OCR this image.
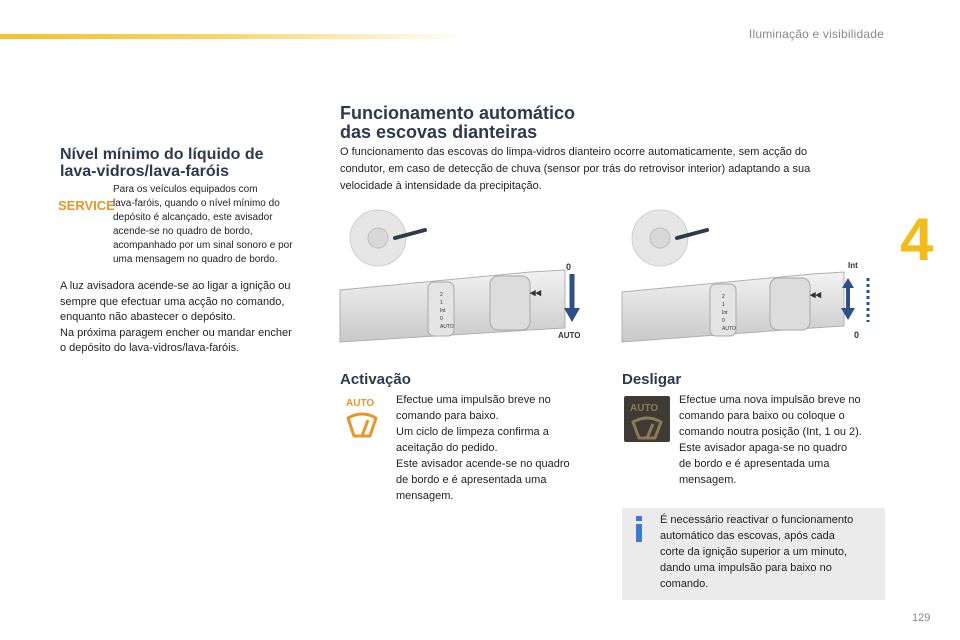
Iluminação e visibilidade
4
129
Nível mínimo do líquido de
lava-vidros/lava-faróis
SERVICE
Para os veículos equipados com
lava-faróis, quando o nível mínimo do
depósito é alcançado, este avisador
acende-se no quadro de bordo,
acompanhado por um sinal sonoro e por
uma mensagem no quadro de bordo.
A luz avisadora acende-se ao ligar a ignição ou
sempre que efectuar uma acção no comando,
enquanto não abastecer o depósito.
Na próxima paragem encher ou mandar encher
o depósito do lava-vidros/lava-faróis.
Funcionamento automático
das escovas dianteiras
O funcionamento das escovas do limpa-vidros dianteiro ocorre automaticamente, sem acção do
condutor, em caso de detecção de chuva (sensor por trás do retrovisor interior) adaptando a sua
velocidade à intensidade da precipitação.
2
1
Int
0
AUTO
◂◂
0
AUTO
2
1
Int
0
AUTO
◂◂
Int
0
Activação
AUTO Efectue uma impulsão breve no
comando para baixo.
Um ciclo de limpeza confirma a
aceitação do pedido.
Este avisador acende-se no quadro
de bordo e é apresentada uma
mensagem.
Desligar
AUTO
Efectue uma nova impulsão breve no
comando para baixo ou coloque o
comando noutra posição (Int, 1 ou 2).
Este avisador apaga-se no quadro
de bordo e é apresentada uma
mensagem.
É necessário reactivar o funcionamento
automático das escovas, após cada
corte da ignição superior a um minuto,
dando uma impulsão para baixo no
comando.
